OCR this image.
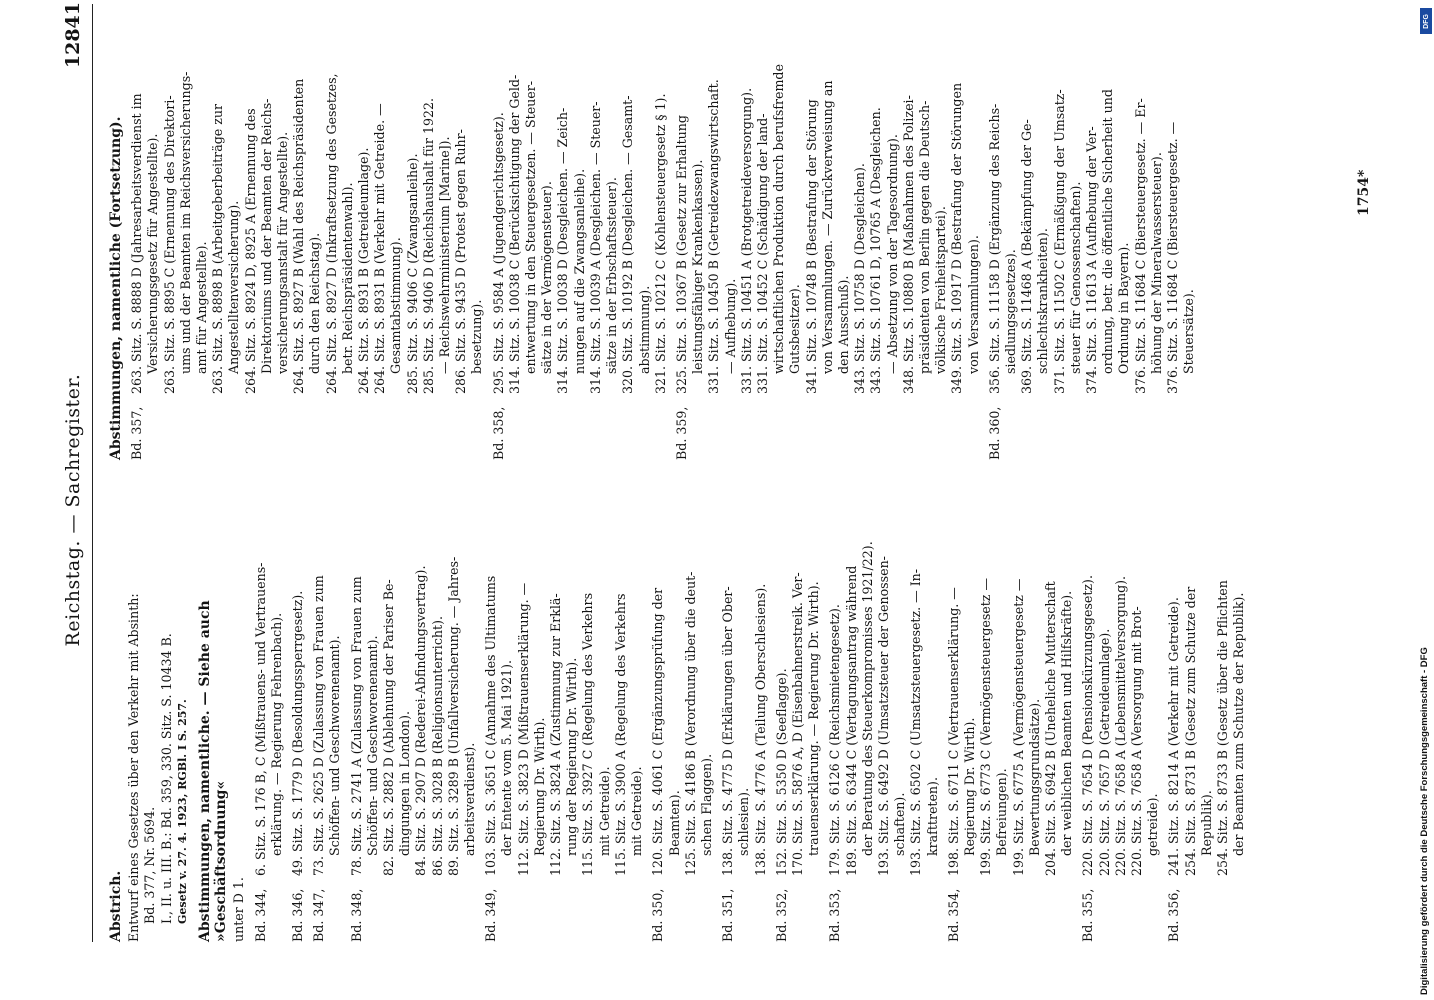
Reichstag. — Sachregister.
12841
Abstrich. Entwurf eines Gesetzes über den Verkehr mit Absinth: Bd. 377, Nr. 5694. I., II. u. III. B.: Bd. 359, 330. Sitz. S. 10434 B. Gesetz v. 27. 4. 1923, RGBl. I S. 257. Abstimmungen, namentliche. — Siehe auch »Geschäftsordnung« unter D 1. Bd. 344,6. Sitz. S. 176 B, C (Mißtrauens- und Vertrauens- erklärung. — Regierung Fehrenbach).
Bd. 346,49. Sitz. S. 1779 D (Besoldungssperrgesetz).
Bd. 347,73. Sitz. S. 2625 D (Zulassung von Frauen zum Schöffen- und Geschworenenamt).
Bd. 348,78. Sitz. S. 2741 A (Zulassung von Frauen zum Schöffen- und Geschworenenamt). 82. Sitz. S. 2882 D (Ablehnung der Pariser Be- dingungen in London). 84. Sitz. S. 2907 D (Rederei-Abfindungsvertrag). 86. Sitz. S. 3028 B (Religionsunterricht). 89. Sitz. S. 3289 B (Unfallversicherung. — Jahres- arbeitsverdienst).
Bd. 349,103. Sitz. S. 3651 C (Annahme des Ultimatums der Entente vom 5. Mai 1921). 112. Sitz. S. 3823 D (Mißtrauenserklärung. — Regierung Dr. Wirth). 112. Sitz. S. 3824 A (Zustimmung zur Erklä- rung der Regierung Dr. Wirth). 115. Sitz. S. 3927 C (Regelung des Verkehrs mit Getreide). 115. Sitz. S. 3900 A (Regelung des Verkehrs mit Getreide).
Bd. 350,120. Sitz. S. 4061 C (Ergänzungsprüfung der Beamten). 125. Sitz. S. 4186 B (Verordnung über die deut- schen Flaggen).
Bd. 351,138. Sitz. S. 4775 D (Erklärungen über Ober- schlesien). 138. Sitz. S. 4776 A (Teilung Oberschlesiens).
Bd. 352,152. Sitz. S. 5350 D (Seeflagge). 170. Sitz. S. 5876 A, D (Eisenbahnerstreik. Ver- trauenserklärung. — Regierung Dr. Wirth).
Bd. 353,179. Sitz. S. 6126 C (Reichsmietengesetz). 189. Sitz. S. 6344 C (Vertagungsantrag während der Beratung des Steuerkompromisses 1921/22). 193. Sitz. S. 6492 D (Umsatzsteuer der Genossen- schaften). 193. Sitz. S. 6502 C (Umsatzsteuergesetz. — In- krafttreten).
Bd. 354,198. Sitz. S. 6711 C (Vertrauenserklärung. — Regierung Dr. Wirth). 199. Sitz. S. 6773 C (Vermögensteuergesetz — Befreiungen). 199. Sitz. S. 6775 A (Vermögensteuergesetz — Bewertungsgrundsätze). 204. Sitz. S. 6942 B (Uneheliche Mutterschaft der weiblichen Beamten und Hilfskräfte).
Bd. 355,220. Sitz. S. 7654 D (Pensionskürzungsgesetz). 220. Sitz. S. 7657 D (Getreideumlage). 220. Sitz. S. 7658 A (Lebensmittelversorgung). 220. Sitz. S. 7658 A (Versorgung mit Brot- getreide).
Bd. 356,241. Sitz. S. 8214 A (Verkehr mit Getreide). 254. Sitz. S. 8731 B (Gesetz zum Schutze der Republik). 254. Sitz. S. 8733 B (Gesetz über die Pflichten der Beamten zum Schutze der Republik).
Abstimmungen, namentliche (Fortsetzung). Bd. 357,263. Sitz. S. 8888 D (Jahresarbeitsverdienst im Versicherungsgesetz für Angestellte). 263. Sitz. S. 8895 C (Ernennung des Direktori- ums und der Beamten im Reichsversicherungs- amt für Angestellte). 263. Sitz. S. 8898 B (Arbeitgeberbeiträge zur Angestelltenversicherung). 264. Sitz. S. 8924 D, 8925 A (Ernennung des Direktoriums und der Beamten der Reichs- versicherungsanstalt für Angestellte). 264. Sitz. S. 8927 B (Wahl des Reichspräsidenten durch den Reichstag). 264. Sitz. S. 8927 D (Inkraftsetzung des Gesetzes, betr. Reichspräsidentenwahl). 264. Sitz. S. 8931 B (Getreideumlage). 264. Sitz. S. 8931 B (Verkehr mit Getreide. — Gesamtabstimmung). 285. Sitz. S. 9406 C (Zwangsanleihe). 285. Sitz. S. 9406 D (Reichshaushalt für 1922. — Reichswehrministerium [Marine]). 286. Sitz. S. 9435 D (Protest gegen Ruhr- besetzung).
Bd. 358,295. Sitz. S. 9584 A (Jugendgerichtsgesetz). 314. Sitz. S. 10038 C (Berücksichtigung der Geld- entwertung in den Steuergesetzen. — Steuer- sätze in der Vermögensteuer). 314. Sitz. S. 10038 D (Desgleichen. — Zeich- nungen auf die Zwangsanleihe). 314. Sitz. S. 10039 A (Desgleichen. — Steuer- sätze in der Erbschaftssteuer). 320. Sitz. S. 10192 B (Desgleichen. — Gesamt- abstimmung). 321. Sitz. S. 10212 C (Kohlensteuergesetz § 1).
Bd. 359,325. Sitz. S. 10367 B (Gesetz zur Erhaltung leistungsfähiger Krankenkassen). 331. Sitz. S. 10450 B (Getreidezwangswirtschaft. — Aufhebung). 331. Sitz. S. 10451 A (Brotgetreideversorgung). 331. Sitz. S. 10452 C (Schädigung der land- wirtschaftlichen Produktion durch berufsfremde Gutsbesitzer). 341. Sitz. S. 10748 B (Bestrafung der Störung von Versammlungen. — Zurückverweisung an den Ausschuß). 343. Sitz. S. 10758 D (Desgleichen). 343. Sitz. S. 10761 D, 10765 A (Desgleichen. — Absetzung von der Tagesordnung). 348. Sitz. S. 10880 B (Maßnahmen des Polizei- präsidenten von Berlin gegen die Deutsch- völkische Freiheitspartei). 349. Sitz. S. 10917 D (Bestrafung der Störungen von Versammlungen).
Bd. 360,356. Sitz. S. 11158 D (Ergänzung des Reichs- siedlungsgesetzes). 369. Sitz. S. 11468 A (Bekämpfung der Ge- schlechtskrankheiten). 371. Sitz. S. 11502 C (Ermäßigung der Umsatz- steuer für Genossenschaften). 374. Sitz. S. 11613 A (Aufhebung der Ver- ordnung, betr. die öffentliche Sicherheit und Ordnung in Bayern). 376. Sitz. S. 11684 C (Biersteuergesetz. — Er- höhung der Mineralwassersteuer). 376. Sitz. S. 11684 C (Biersteuergesetz. — Steuersätze).
1754*
Digitalisierung gefördert durch die Deutsche Forschungsgemeinschaft - DFG
DFG
